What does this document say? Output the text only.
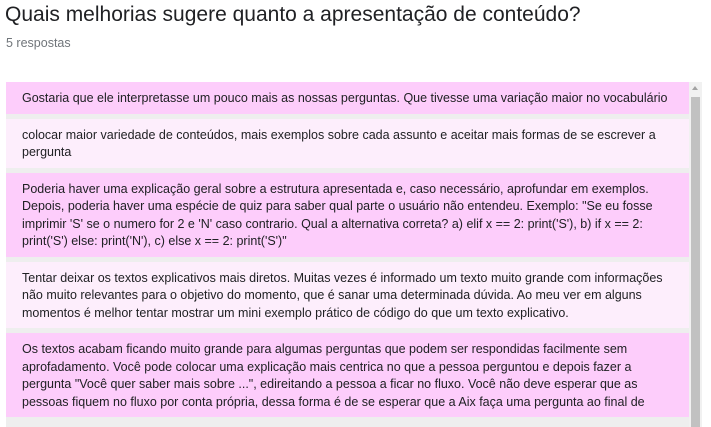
Quais melhorias sugere quanto a apresentação de conteúdo?
5 respostas
Gostaria que ele interpretasse um pouco mais as nossas perguntas. Que tivesse uma variação maior no vocabulário
colocar maior variedade de conteúdos, mais exemplos sobre cada assunto e aceitar mais formas de se escrever a pergunta
Poderia haver uma explicação geral sobre a estrutura apresentada e, caso necessário, aprofundar em exemplos. Depois, poderia haver uma espécie de quiz para saber qual parte o usuário não entendeu. Exemplo: "Se eu fosse imprimir 'S' se o numero for 2 e 'N' caso contrario. Qual a alternativa correta? a) elif x == 2: print('S'), b) if x == 2: print('S') else: print('N'), c) else x == 2: print('S')"
Tentar deixar os textos explicativos mais diretos. Muitas vezes é informado um texto muito grande com informações não muito relevantes para o objetivo do momento, que é sanar uma determinada dúvida. Ao meu ver em alguns momentos é melhor tentar mostrar um mini exemplo prático de código do que um texto explicativo.
Os textos acabam ficando muito grande para algumas perguntas que podem ser respondidas facilmente sem aprofadamento. Você pode colocar uma explicação mais centrica no que a pessoa perguntou e depois fazer a pergunta "Você quer saber mais sobre ...", edireitando a pessoa a ficar no fluxo. Você não deve esperar que as pessoas fiquem no fluxo por conta própria, dessa forma é de se esperar que a Aix faça uma pergunta ao final de
